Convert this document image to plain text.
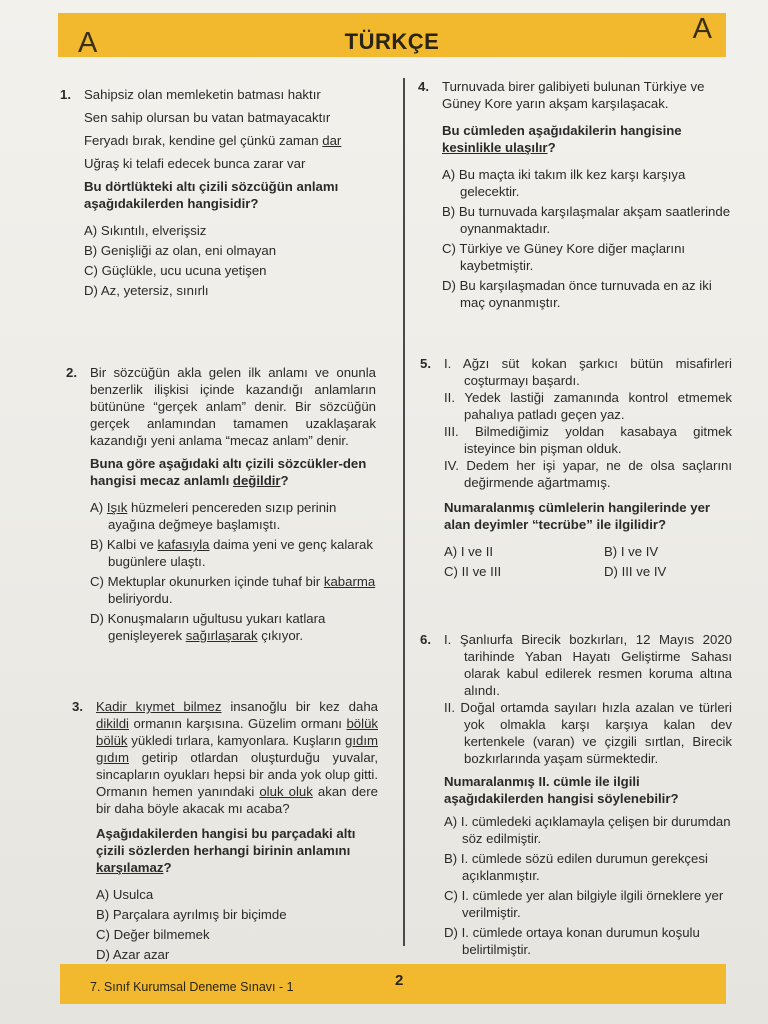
A	TÜRKÇE	A
1. Sahipsiz olan memleketin batması haktır

Sen sahip olursan bu vatan batmayacaktır

Feryadı bırak, kendine gel çünkü zaman dar

Uğraş ki telafi edecek bunca zarar var

Bu dörtlükteki altı çizili sözcüğün anlamı aşağıdakilerden hangisidir?

A) Sıkıntılı, elverişsiz

B) Genişliği az olan, eni olmayan

C) Güçlükle, ucu ucuna yetişen

D) Az, yetersiz, sınırlı

2. Bir sözcüğün akla gelen ilk anlamı ve onunla benzerlik ilişkisi içinde kazandığı anlamların bütününe “gerçek anlam” denir. Bir sözcüğün gerçek anlamından tamamen uzaklaşarak kazandığı yeni anlama “mecaz anlam” denir.

Buna göre aşağıdaki altı çizili sözcükler-den hangisi mecaz anlamlı değildir?

A) Işık hüzmeleri pencereden sızıp perinin ayağına değmeye başlamıştı.

B) Kalbi ve kafasıyla daima yeni ve genç kalarak bugünlere ulaştı.

C) Mektuplar okunurken içinde tuhaf bir kabarma beliriyordu.

D) Konuşmaların uğultusu yukarı katlara genişleyerek sağırlaşarak çıkıyor.

3. Kadir kıymet bilmez insanoğlu bir kez daha dikildi ormanın karşısına. Güzelim ormanı bölük bölük yükledi tırlara, kamyonlara. Kuşların gıdım gıdım getirip otlardan oluşturduğu yuvalar, sincapların oyukları hepsi bir anda yok olup gitti. Ormanın hemen yanındaki oluk oluk akan dere bir daha böyle akacak mı acaba?

Aşağıdakilerden hangisi bu parçadaki altı çizili sözlerden herhangi birinin anlamını karşılamaz?

A) Usulca

B) Parçalara ayrılmış bir biçimde

C) Değer bilmemek

D) Azar azar

4. Turnuvada birer galibiyeti bulunan Türkiye ve Güney Kore yarın akşam karşılaşacak.

Bu cümleden aşağıdakilerin hangisine kesinlikle ulaşılır?

A) Bu maçta iki takım ilk kez karşı karşıya gelecektir.

B) Bu turnuvada karşılaşmalar akşam saatlerinde oynanmaktadır.

C) Türkiye ve Güney Kore diğer maçlarını kaybetmiştir.

D) Bu karşılaşmadan önce turnuvada en az iki maç oynanmıştır.

5. I. Ağzı süt kokan şarkıcı bütün misafirleri coşturmayı başardı.

II. Yedek lastiği zamanında kontrol etmemek pahalıya patladı geçen yaz.

III. Bilmediğimiz yoldan kasabaya gitmek isteyince bin pişman olduk.

IV. Dedem her işi yapar, ne de olsa saçlarını değirmende ağartmamış.

Numaralanmış cümlelerin hangilerinde yer alan deyimler “tecrübe” ile ilgilidir?

A) I ve II	B) I ve IV
C) II ve III	D) III ve IV
6. I. Şanlıurfa Birecik bozkırları, 12 Mayıs 2020 tarihinde Yaban Hayatı Geliştirme Sahası olarak kabul edilerek resmen koruma altına alındı.

II. Doğal ortamda sayıları hızla azalan ve türleri yok olmakla karşı karşıya kalan dev kertenkele (varan) ve çizgili sırtlan, Birecik bozkırlarında yaşam sürmektedir.

Numaralanmış II. cümle ile ilgili aşağıdakilerden hangisi söylenebilir?

A) I. cümledeki açıklamayla çelişen bir durumdan söz edilmiştir.

B) I. cümlede sözü edilen durumun gerekçesi açıklanmıştır.

C) I. cümlede yer alan bilgiyle ilgili örneklere yer verilmiştir.

D) I. cümlede ortaya konan durumun koşulu belirtilmiştir.

7. Sınıf Kurumsal Deneme Sınavı - 1	2
